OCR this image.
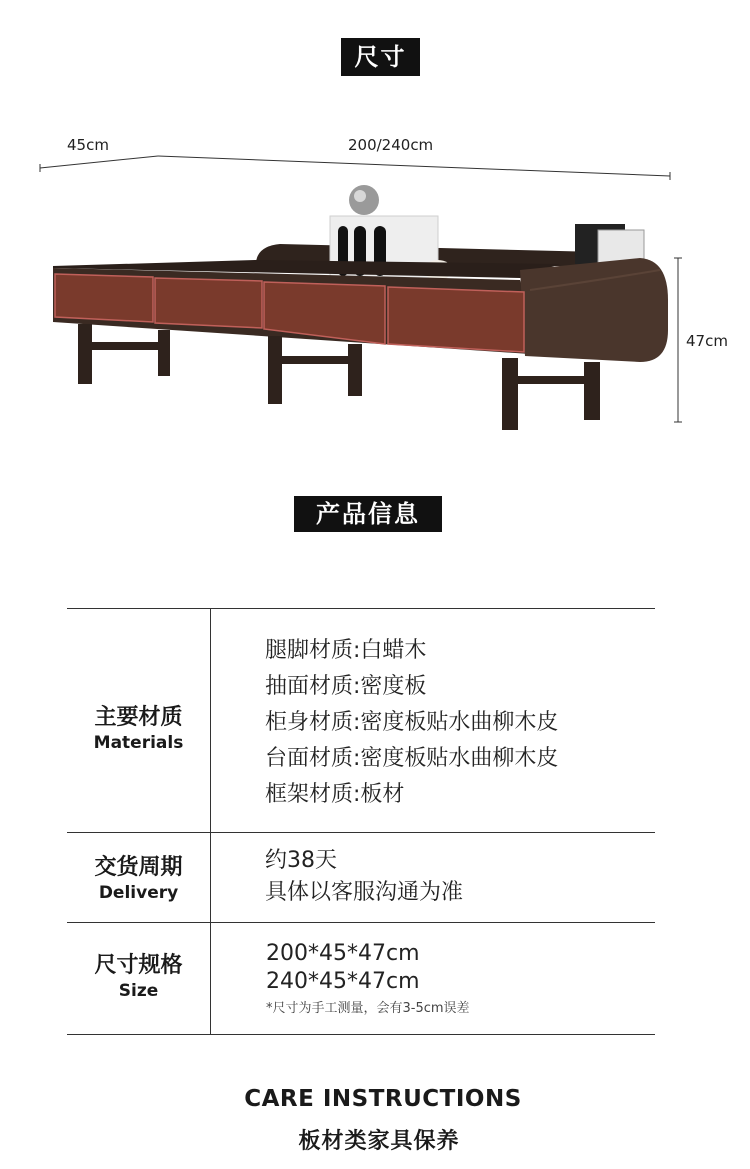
尺寸
45cm	200/240cm
47cm
产品信息
主要材质
Materials
腿脚材质:白蜡木
抽面材质:密度板
柜身材质:密度板贴水曲柳木皮
台面材质:密度板贴水曲柳木皮
框架材质:板材
交货周期
Delivery
约38天
具体以客服沟通为准
尺寸规格
Size
200*45*47cm
240*45*47cm
*尺寸为手工测量，会有3-5cm误差
CARE INSTRUCTIONS
板材类家具保养
